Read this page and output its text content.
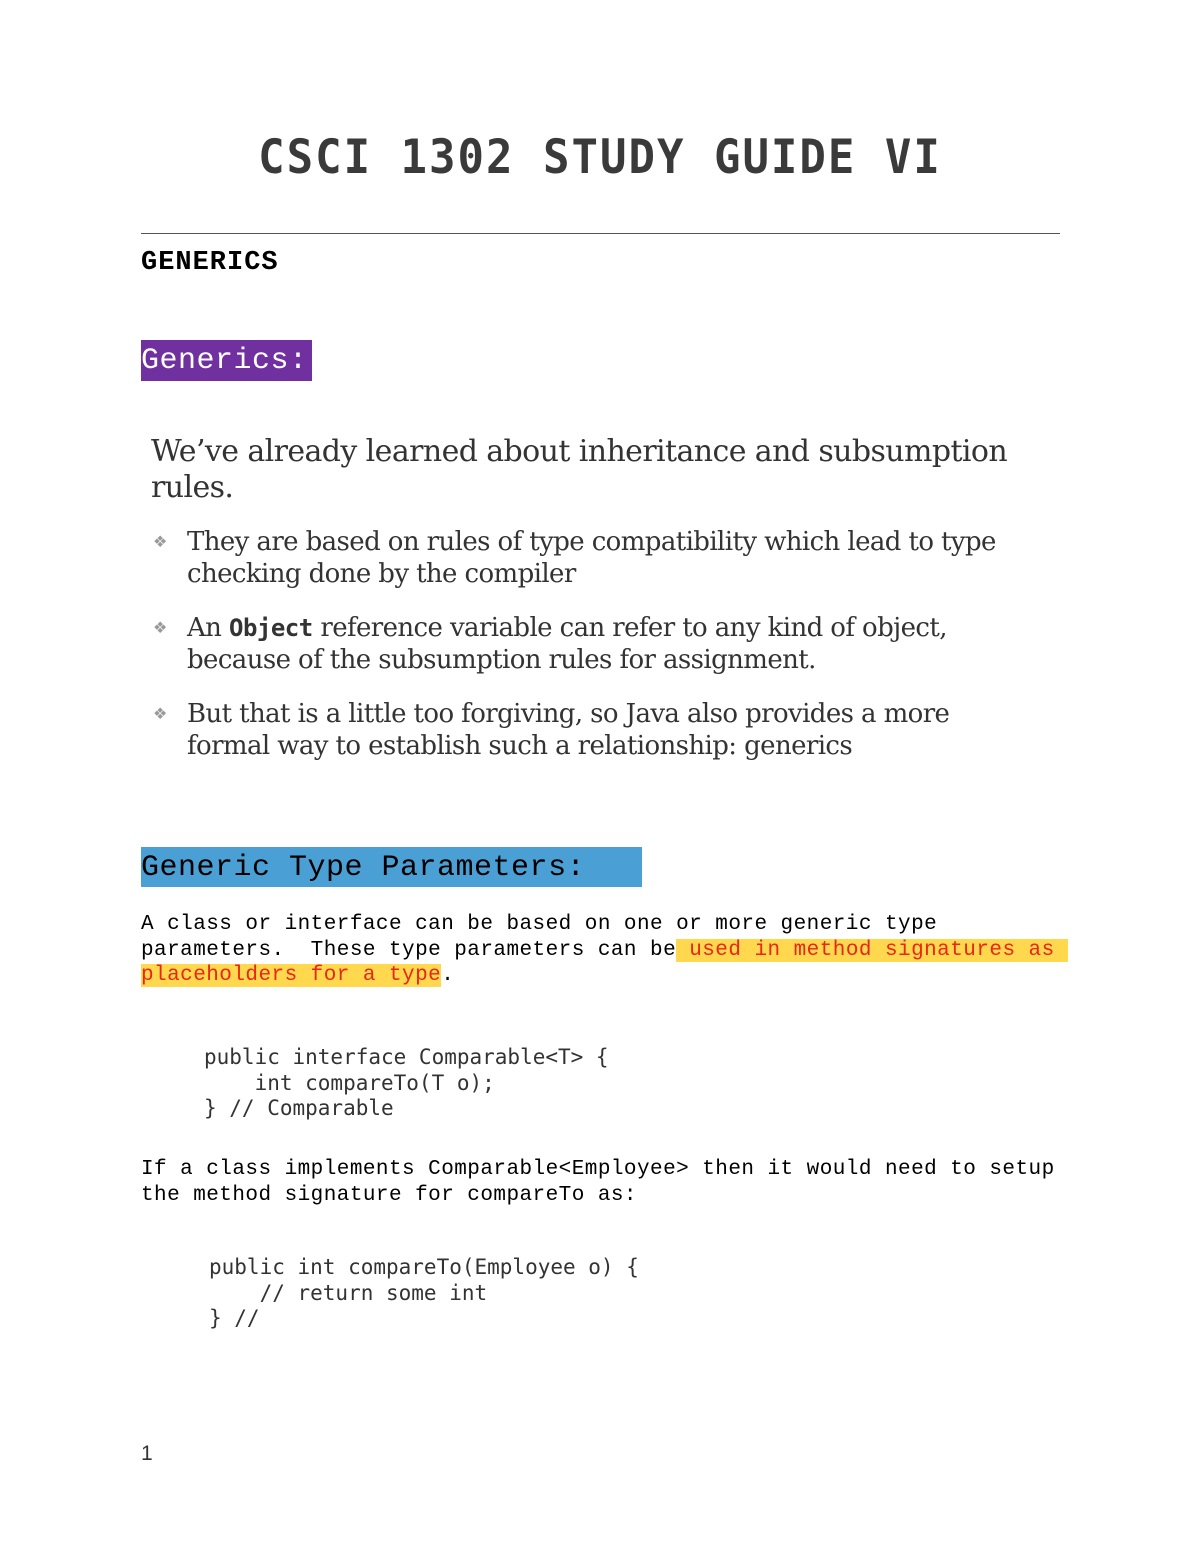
CSCI 1302 STUDY GUIDE VI
GENERICS
Generics:
We’ve already learned about inheritance and subsumption rules.
❖ They are based on rules of type compatibility which lead to type checking done by the compiler
❖ An Object reference variable can refer to any kind of object, because of the subsumption rules for assignment.
❖ But that is a little too forgiving, so Java also provides a more formal way to establish such a relationship: generics
Generic Type Parameters:
A class or interface can be based on one or more generic type parameters.  These type parameters can be used in method signatures as placeholders for a type.
public interface Comparable<T> {
int compareTo(T o);
} // Comparable
If a class implements Comparable<Employee> then it would need to setup the method signature for compareTo as:
public int compareTo(Employee o) {
// return some int
} //
1
